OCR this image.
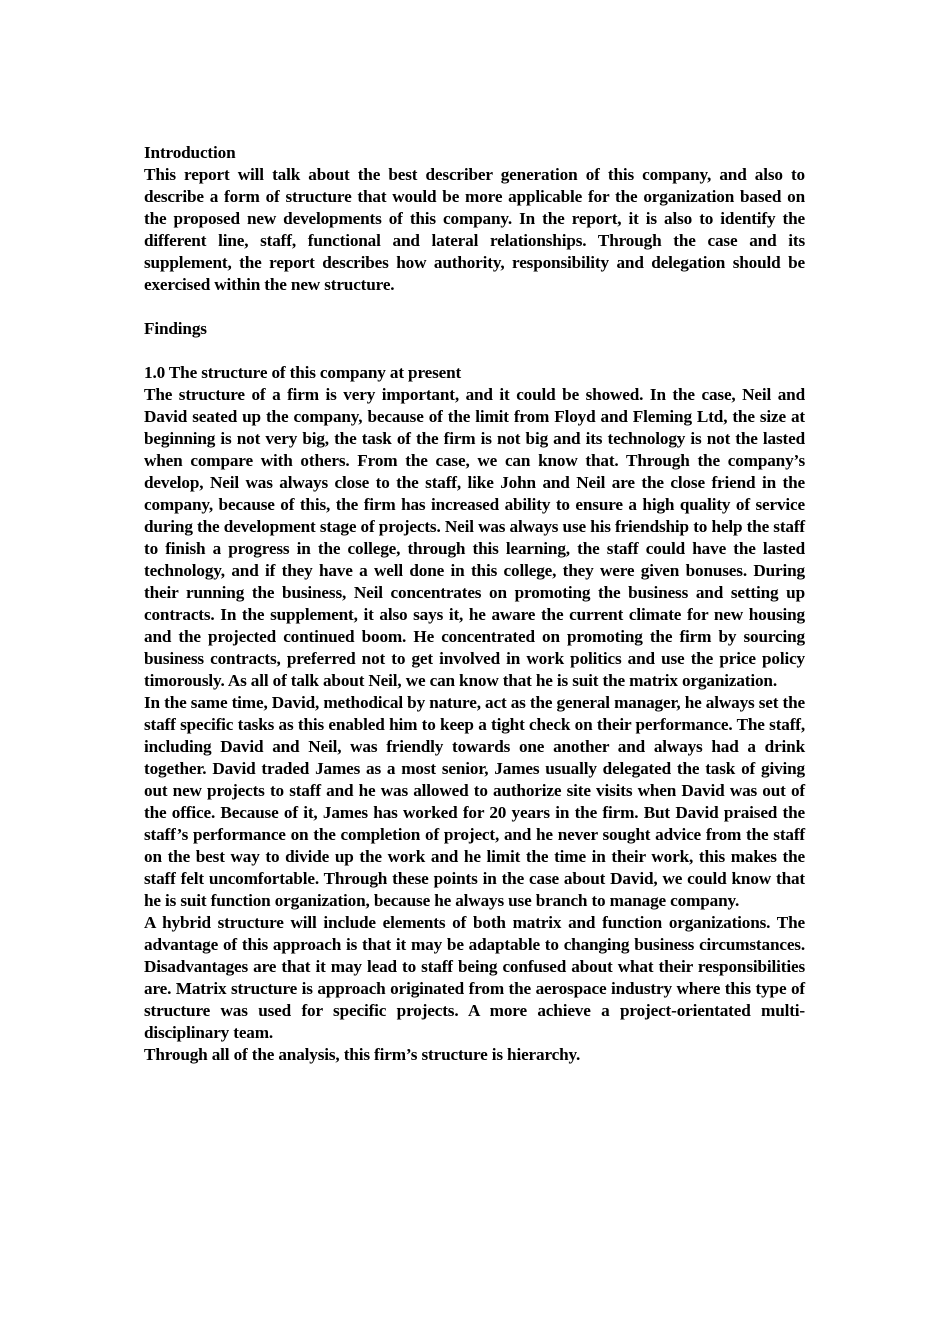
Introduction

This report will talk about the best describer generation of this company, and also to describe a form of structure that would be more applicable for the organization based on the proposed new developments of this company. In the report, it is also to identify the different line, staff, functional and lateral relationships. Through the case and its supplement, the report describes how authority, responsibility and delegation should be exercised within the new structure.

Findings

1.0 The structure of this company at present

The structure of a firm is very important, and it could be showed. In the case, Neil and David seated up the company, because of the limit from Floyd and Fleming Ltd, the size at beginning is not very big, the task of the firm is not big and its technology is not the lasted when compare with others. From the case, we can know that. Through the company’s develop, Neil was always close to the staff, like John and Neil are the close friend in the company, because of this, the firm has increased ability to ensure a high quality of service during the development stage of projects. Neil was always use his friendship to help the staff to finish a progress in the college, through this learning, the staff could have the lasted technology, and if they have a well done in this college, they were given bonuses. During their running the business, Neil concentrates on promoting the business and setting up contracts. In the supplement, it also says it, he aware the current climate for new housing and the projected continued boom. He concentrated on promoting the firm by sourcing business contracts, preferred not to get involved in work politics and use the price policy timorously. As all of talk about Neil, we can know that he is suit the matrix organization.

In the same time, David, methodical by nature, act as the general manager, he always set the staff specific tasks as this enabled him to keep a tight check on their performance. The staff, including David and Neil, was friendly towards one another and always had a drink together. David traded James as a most senior, James usually delegated the task of giving out new projects to staff and he was allowed to authorize site visits when David was out of the office. Because of it, James has worked for 20 years in the firm. But David praised the staff’s performance on the completion of project, and he never sought advice from the staff on the best way to divide up the work and he limit the time in their work, this makes the staff felt uncomfortable. Through these points in the case about David, we could know that he is suit function organization, because he always use branch to manage company.

A hybrid structure will include elements of both matrix and function organizations. The advantage of this approach is that it may be adaptable to changing business circumstances. Disadvantages are that it may lead to staff being confused about what their responsibilities are. Matrix structure is approach originated from the aerospace industry where this type of structure was used for specific projects. A more achieve a project-orientated multi-disciplinary team.

Through all of the analysis, this firm’s structure is hierarchy.
